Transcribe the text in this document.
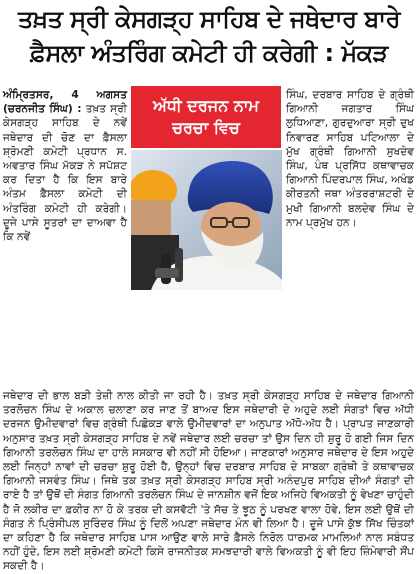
ਤਖ਼ਤ ਸ੍ਰੀ ਕੇਸਗੜ੍ਹ ਸਾਹਿਬ ਦੇ ਜਥੇਦਾਰ ਬਾਰੇ
ਫ਼ੈਸਲਾ ਅੰਤਰਿੰਗ ਕਮੇਟੀ ਹੀ ਕਰੇਗੀ : ਮੱਕੜ

ਅੰਮ੍ਰਿਤਸਰ, 4 ਅਗਸਤ (ਚਰਨਜੀਤ ਸਿੰਘ) : ਤਖ਼ਤ ਸ੍ਰੀ ਕੇਸਗੜ੍ਹ ਸਾਹਿਬ ਦੇ ਨਵੇਂ ਜਥੇਦਾਰ ਦੀ ਚੋਣ ਦਾ ਫ਼ੈਸਲਾ ਸ਼੍ਰੋਮਣੀ ਕਮੇਟੀ ਪ੍ਰਧਾਨ ਸ. ਅਵਤਾਰ ਸਿੰਘ ਮੱਕੜ ਨੇ ਸਪੱਸ਼ਟ ਕਰ ਦਿਤਾ ਹੈ ਕਿ ਇਸ ਬਾਰੇ ਅੰਤਮ ਫ਼ੈਸਲਾ ਕਮੇਟੀ ਦੀ ਅੰਤਰਿੰਗ ਕਮੇਟੀ ਹੀ ਕਰੇਗੀ। ਦੂਜੇ ਪਾਸੇ ਸੂਤਰਾਂ ਦਾ ਦਾਅਵਾ ਹੈ ਕਿ ਨਵੇਂ

ਅੱਧੀ ਦਰਜਨ ਨਾਮ
ਚਰਚਾ ਵਿਚ

ਸਿੰਘ, ਦਰਬਾਰ ਸਾਹਿਬ ਦੇ ਗ੍ਰੰਥੀ ਗਿਆਨੀ ਜਗਤਾਰ ਸਿੰਘ ਲੁਧਿਆਣਾ, ਗੁਰਦੁਆਰਾ ਸ੍ਰੀ ਦੁਖ ਨਿਵਾਰਣ ਸਾਹਿਬ ਪਟਿਆਲਾ ਦੇ ਮੁੱਖ ਗ੍ਰੰਥੀ ਗਿਆਨੀ ਸੁਖਦੇਵ ਸਿੰਘ, ਪੰਥ ਪ੍ਰਸਿੱਧ ਕਥਾਵਾਚਕ ਗਿਆਨੀ ਪਿੰਦਰਪਾਲ ਸਿੰਘ, ਅਖੰਡ ਕੀਰਤਨੀ ਜਥਾ ਅੰਤਰਰਾਸ਼ਟਰੀ ਦੇ ਮੁਖੀ ਗਿਆਨੀ ਬਲਦੇਵ ਸਿੰਘ ਦੇ ਨਾਮ ਪ੍ਰਮੁੱਖ ਹਨ।

ਜਥੇਦਾਰ ਦੀ ਭਾਲ ਬੜੀ ਤੇਜ਼ੀ ਨਾਲ ਕੀਤੀ ਜਾ ਰਹੀ ਹੈ। ਤਖ਼ਤ ਸ੍ਰੀ ਕੇਸਗੜ੍ਹ ਸਾਹਿਬ ਦੇ ਜਥੇਦਾਰ ਗਿਆਨੀ ਤਰਲੋਚਨ ਸਿੰਘ ਦੇ ਅਕਾਲ ਚਲਾਣਾ ਕਰ ਜਾਣ ਤੋਂ ਬਾਅਦ ਇਸ ਜਥੇਦਾਰੀ ਦੇ ਅਹੁਦੇ ਲਈ ਸੰਗਤਾਂ ਵਿਚ ਅੱਧੀ ਦਰਜਨ ਉਮੀਦਵਾਰਾਂ ਵਿਚ ਗ੍ਰੰਥੀ ਪਿਛੋਕੜ ਵਾਲੇ ਉਮੀਦਵਾਰਾਂ ਦਾ ਅਨੁਪਾਤ ਅੱਧੋ-ਅੱਧ ਹੈ। ਪ੍ਰਾਪਤ ਜਾਣਕਾਰੀ ਅਨੁਸਾਰ ਤਖ਼ਤ ਸ੍ਰੀ ਕੇਸਗੜ੍ਹ ਸਾਹਿਬ ਦੇ ਨਵੇਂ ਜਥੇਦਾਰ ਲਈ ਚਰਚਾ ਤਾਂ ਉਸ ਦਿਨ ਹੀ ਸ਼ੁਰੂ ਹੋ ਗਈ ਜਿਸ ਦਿਨ ਗਿਆਨੀ ਤਰਲੋਚਨ ਸਿੰਘ ਦਾ ਹਾਲੇ ਸਸਕਾਰ ਵੀ ਨਹੀਂ ਸੀ ਹੋਇਆ। ਜਾਣਕਾਰਾਂ ਅਨੁਸਾਰ ਜਥੇਦਾਰ ਦੇ ਇਸ ਅਹੁਦੇ ਲਈ ਜਿਨ੍ਹਾਂ ਨਾਵਾਂ ਦੀ ਚਰਚਾ ਸ਼ੁਰੂ ਹੋਈ ਹੈ, ਉਨ੍ਹਾਂ ਵਿਚ ਦਰਬਾਰ ਸਾਹਿਬ ਦੇ ਸਾਬਕਾ ਗ੍ਰੰਥੀ ਤੇ ਕਥਾਵਾਚਕ ਗਿਆਨੀ ਜਸਵੰਤ ਸਿੰਘ। ਜਿਥੇ ਤਕ ਤਖ਼ਤ ਸ੍ਰੀ ਕੇਸਗੜ੍ਹ ਸਾਹਿਬ ਸ੍ਰੀ ਅਨੰਦਪੁਰ ਸਾਹਿਬ ਦੀਆਂ ਸੰਗਤਾਂ ਦੀ ਰਾਏ ਹੈ ਤਾਂ ਉਥੋਂ ਦੀ ਸੰਗਤ ਗਿਆਨੀ ਤਰਲੋਚਨ ਸਿੰਘ ਦੇ ਜਾਨਸ਼ੀਨ ਵਜੋਂ ਇਕ ਅਜਿਹੇ ਵਿਅਕਤੀ ਨੂੰ ਵੇਖਣਾ ਚਾਹੁੰਦੀ ਹੈ ਜੋ ਲਕੀਰ ਦਾ ਫ਼ਕੀਰ ਨਾ ਹੋ ਕੇ ਤਰਕ ਦੀ ਕਸਵੱਟੀ 'ਤੇ ਸੱਚ ਤੇ ਝੂਠ ਨੂੰ ਪਰਖਣ ਵਾਲਾ ਹੋਵੇ, ਇਸ ਲਈ ਉਥੋਂ ਦੀ ਸੰਗਤ ਨੇ ਪ੍ਰਿੰਸੀਪਲ ਸੁਰਿੰਦਰ ਸਿੰਘ ਨੂੰ ਦਿਲੋਂ ਅਪਣਾ ਜਥੇਦਾਰ ਮੰਨ ਵੀ ਲਿਆ ਹੈ। ਦੂਜੇ ਪਾਸੇ ਕੁੱਝ ਸਿੱਖ ਚਿੰਤਕਾਂ ਦਾ ਕਹਿਣਾ ਹੈ ਕਿ ਜਥੇਦਾਰ ਸਾਹਿਬ ਪਾਸ ਆਉਣ ਵਾਲੇ ਸਾਰੇ ਫ਼ੈਸਲੇ ਨਿਰੋਲ ਧਾਰਮਕ ਮਾਮਲਿਆਂ ਨਾਲ ਸਬੰਧਤ ਨਹੀਂ ਹੁੰਦੇ, ਇਸ ਲਈ ਸ਼੍ਰੋਮਣੀ ਕਮੇਟੀ ਕਿਸੇ ਰਾਜਨੀਤਕ ਸਮਝਦਾਰੀ ਵਾਲੇ ਵਿਅਕਤੀ ਨੂੰ ਵੀ ਇਹ ਜ਼ਿੰਮੇਵਾਰੀ ਸੌਂਪ ਸਕਦੀ ਹੈ।
